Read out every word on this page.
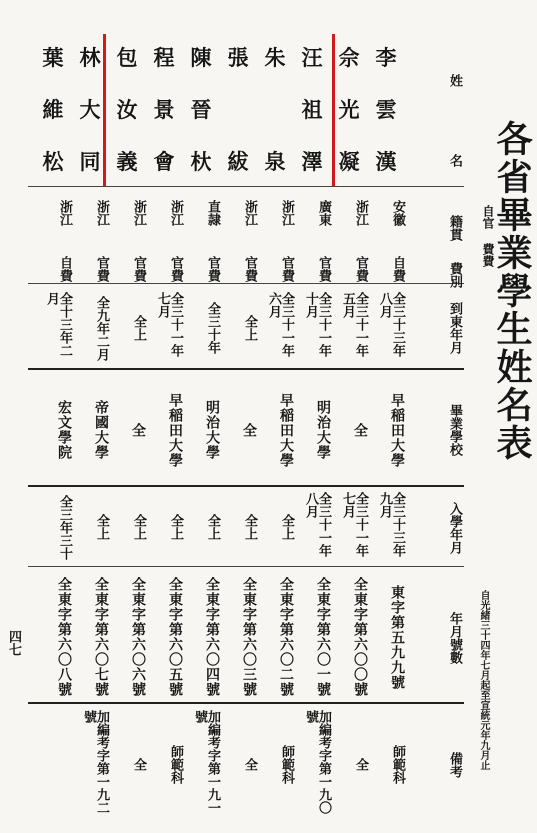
各省畢業學生姓名表
自官 費費
自光緒三十四年七月起至宣統元年九月止
四七
姓
名
籍貫
費別
到東年月
畢業學校
入學年月
年月號數
備考
李
雲
漢
安徽
自費
全三十三年八月
早稲田大學
全三十三年九月
東字第五九九號
師範科
佘
光
凝
浙江
官費
全三十一年五月
全
全三十一年七月
全東字第六〇〇號
全
汪
祖
澤
廣東
官費
全三十一年十月
明治大學
全三十一年八月
全東字第六〇一號
加編考字第一九〇號
朱
泉
浙江
官費
全三十一年六月
早稲田大學
全上
全東字第六〇二號
師範科
張
紱
浙江
官費
全上
全
全上
全東字第六〇三號
全
陳
晉
杕
直隷
官費
全三十年
明治大學
全上
全東字第六〇四號
加編考字第一九一號
程
景
會
浙江
官費
全三十一年七月
早稲田大學
全上
全東字第六〇五號
師範科
包
汝
義
浙江
官費
全上
全
全上
全東字第六〇六號
全
林
大
同
浙江
官費
全九年二月
帝國大學
全上
全東字第六〇七號
加編考字第一九二號
葉
維
松
浙江
自費
全十三年二月
宏文學院
全三年三十
全東字第六〇八號
